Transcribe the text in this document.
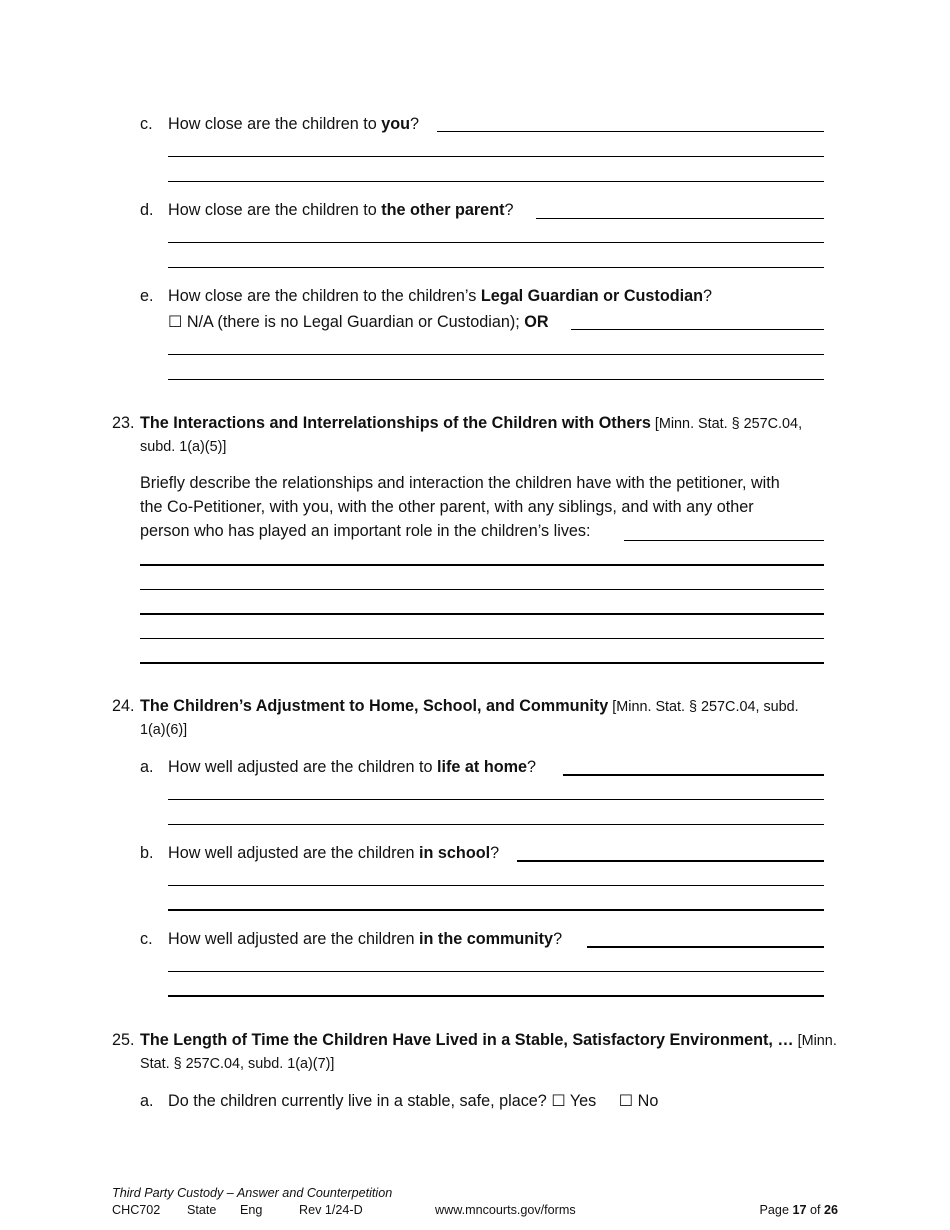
c. How close are the children to you?
d. How close are the children to the other parent?
e. How close are the children to the children’s Legal Guardian or Custodian?
☐ N/A (there is no Legal Guardian or Custodian); OR
23. The Interactions and Interrelationships of the Children with Others [Minn. Stat. § 257C.04,
subd. 1(a)(5)]
Briefly describe the relationships and interaction the children have with the petitioner, with
the Co-Petitioner, with you, with the other parent, with any siblings, and with any other
person who has played an important role in the children’s lives:
24. The Children’s Adjustment to Home, School, and Community [Minn. Stat. § 257C.04, subd.
1(a)(6)]
a. How well adjusted are the children to life at home?
b. How well adjusted are the children in school?
c. How well adjusted are the children in the community?
25. The Length of Time the Children Have Lived in a Stable, Satisfactory Environment, … [Minn.
Stat. § 257C.04, subd. 1(a)(7)]
a. Do the children currently live in a stable, safe, place? ☐ Yes ☐ No
Third Party Custody – Answer and Counterpetition
CHC702 State Eng	Rev 1/24-D	www.mncourts.gov/forms	Page 17 of 26
